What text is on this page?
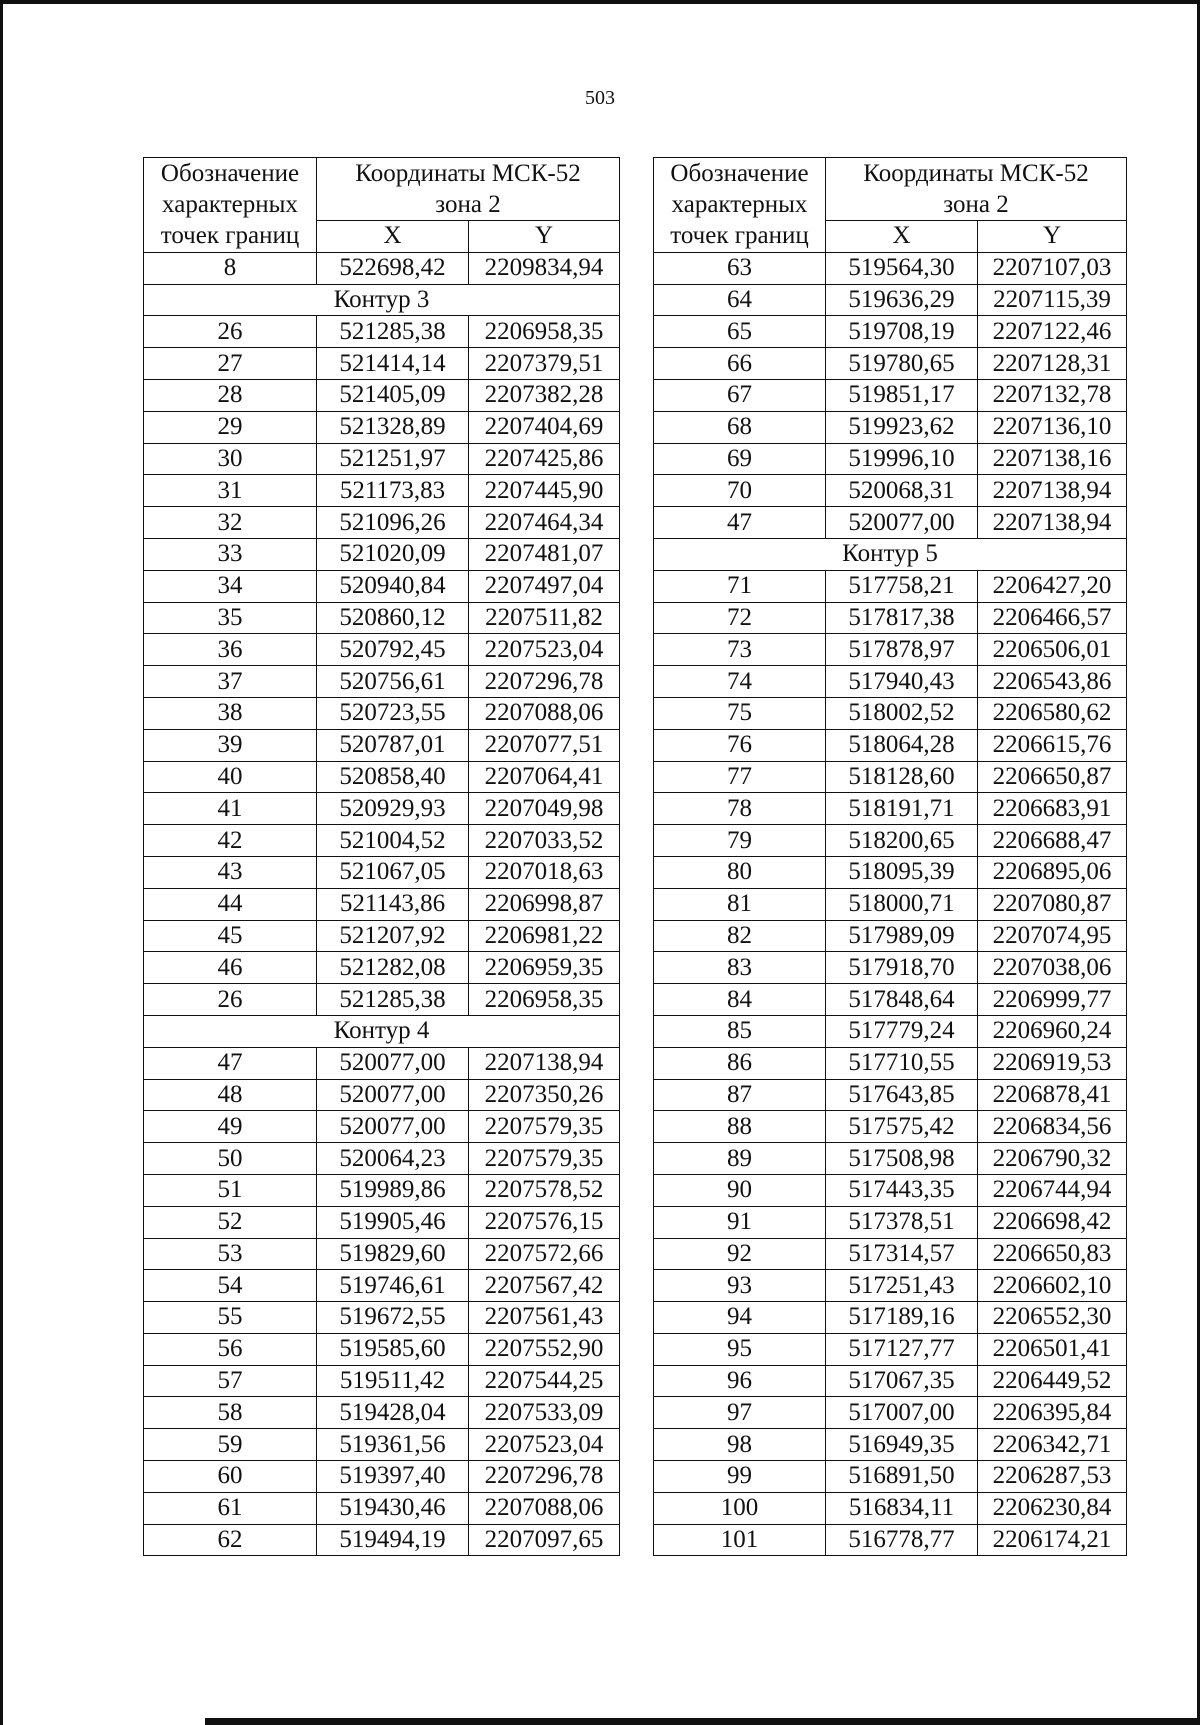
503
Обозначение
характерных
точек границ	Координаты МСК-52
зона 2	

	X	Y
8	522698,42	2209834,94
Контур 3		
26	521285,38	2206958,35
27	521414,14	2207379,51
28	521405,09	2207382,28
29	521328,89	2207404,69
30	521251,97	2207425,86
31	521173,83	2207445,90
32	521096,26	2207464,34
33	521020,09	2207481,07
34	520940,84	2207497,04
35	520860,12	2207511,82
36	520792,45	2207523,04
37	520756,61	2207296,78
38	520723,55	2207088,06
39	520787,01	2207077,51
40	520858,40	2207064,41
41	520929,93	2207049,98
42	521004,52	2207033,52
43	521067,05	2207018,63
44	521143,86	2206998,87
45	521207,92	2206981,22
46	521282,08	2206959,35
26	521285,38	2206958,35
Контур 4		
47	520077,00	2207138,94
48	520077,00	2207350,26
49	520077,00	2207579,35
50	520064,23	2207579,35
51	519989,86	2207578,52
52	519905,46	2207576,15
53	519829,60	2207572,66
54	519746,61	2207567,42
55	519672,55	2207561,43
56	519585,60	2207552,90
57	519511,42	2207544,25
58	519428,04	2207533,09
59	519361,56	2207523,04
60	519397,40	2207296,78
61	519430,46	2207088,06
62	519494,19	2207097,65
Обозначение
характерных
точек границ	Координаты МСК-52
зона 2	

	X	Y
63	519564,30	2207107,03
64	519636,29	2207115,39
65	519708,19	2207122,46
66	519780,65	2207128,31
67	519851,17	2207132,78
68	519923,62	2207136,10
69	519996,10	2207138,16
70	520068,31	2207138,94
47	520077,00	2207138,94
Контур 5		
71	517758,21	2206427,20
72	517817,38	2206466,57
73	517878,97	2206506,01
74	517940,43	2206543,86
75	518002,52	2206580,62
76	518064,28	2206615,76
77	518128,60	2206650,87
78	518191,71	2206683,91
79	518200,65	2206688,47
80	518095,39	2206895,06
81	518000,71	2207080,87
82	517989,09	2207074,95
83	517918,70	2207038,06
84	517848,64	2206999,77
85	517779,24	2206960,24
86	517710,55	2206919,53
87	517643,85	2206878,41
88	517575,42	2206834,56
89	517508,98	2206790,32
90	517443,35	2206744,94
91	517378,51	2206698,42
92	517314,57	2206650,83
93	517251,43	2206602,10
94	517189,16	2206552,30
95	517127,77	2206501,41
96	517067,35	2206449,52
97	517007,00	2206395,84
98	516949,35	2206342,71
99	516891,50	2206287,53
100	516834,11	2206230,84
101	516778,77	2206174,21
